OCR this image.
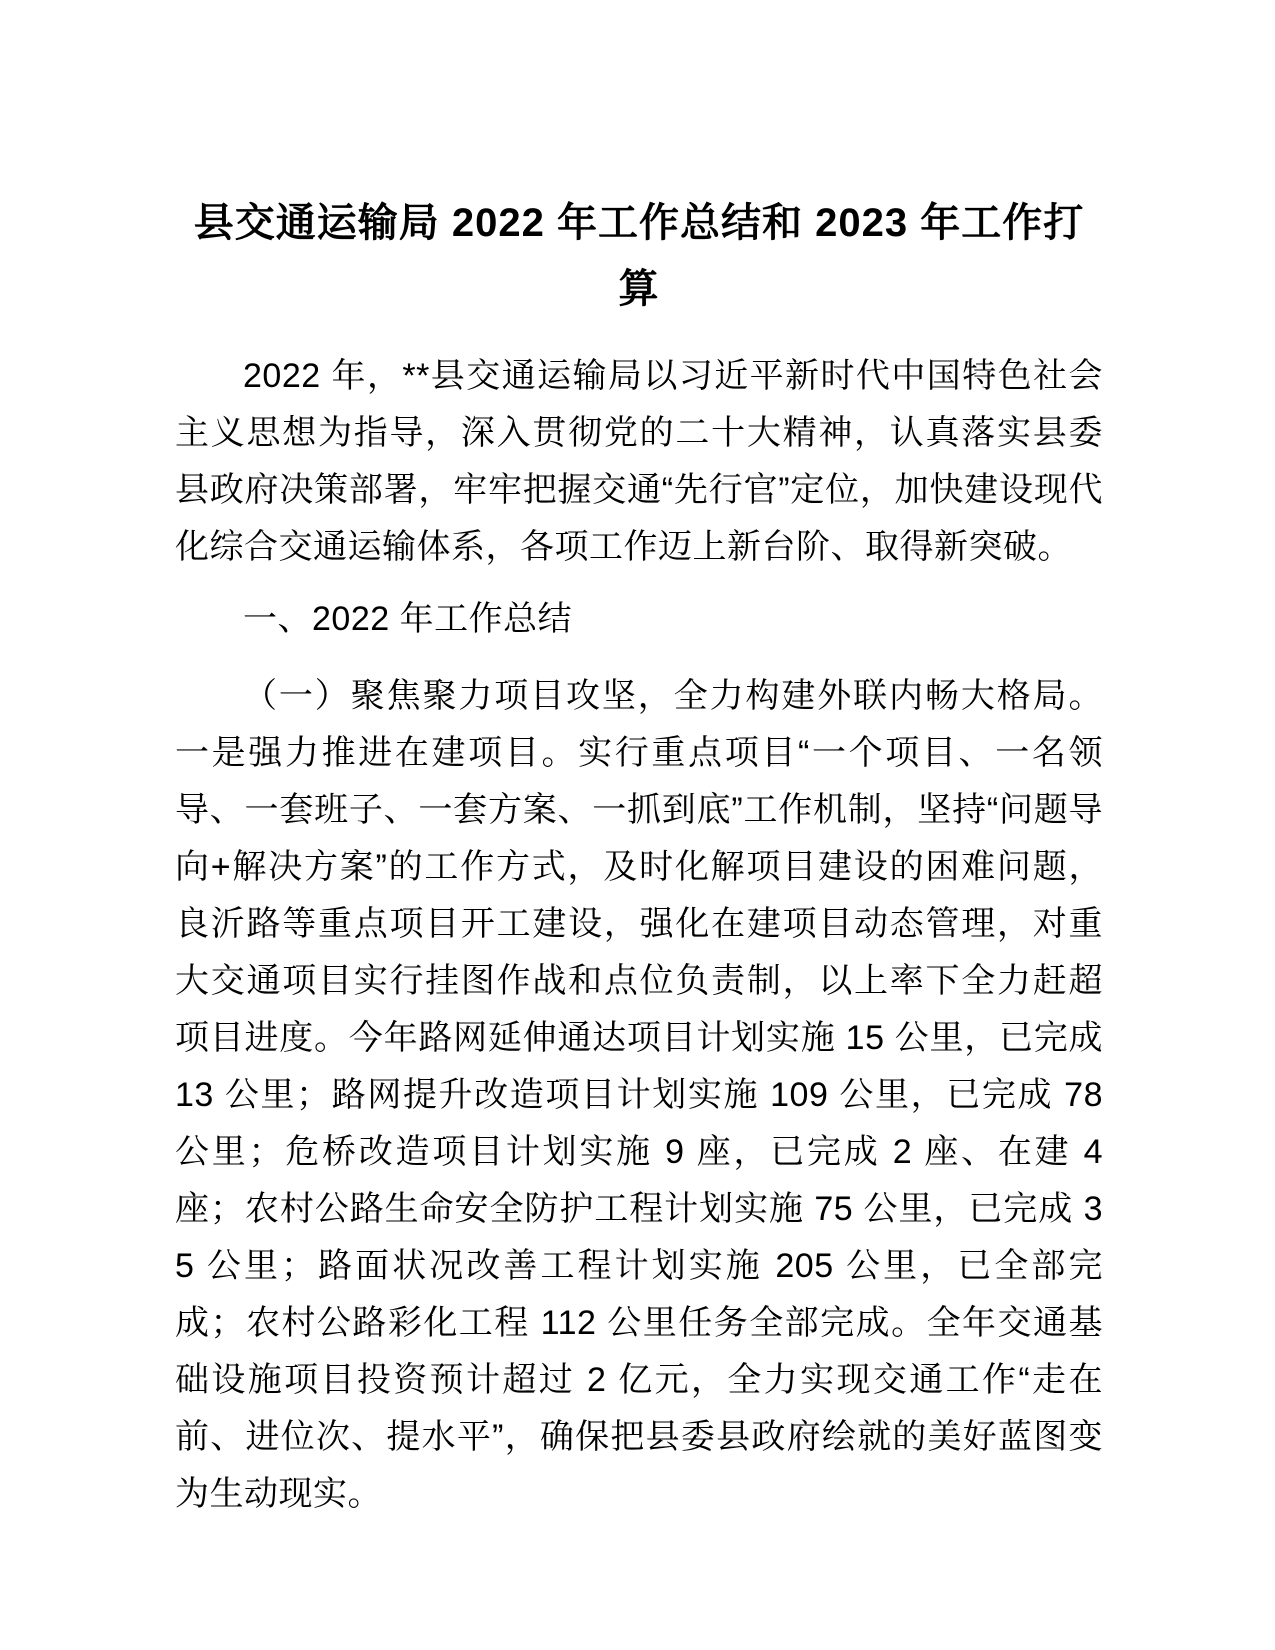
县交通运输局 2022 年工作总结和 2023 年工作打算

2022 年，**县交通运输局以习近平新时代中国特色社会主义思想为指导，深入贯彻党的二十大精神，认真落实县委县政府决策部署，牢牢把握交通“先行官”定位，加快建设现代化综合交通运输体系，各项工作迈上新台阶、取得新突破。

一、2022 年工作总结

（一）聚焦聚力项目攻坚，全力构建外联内畅大格局。一是强力推进在建项目。实行重点项目“一个项目、一名领导、一套班子、一套方案、一抓到底”工作机制，坚持“问题导向+解决方案”的工作方式，及时化解项目建设的困难问题，良沂路等重点项目开工建设，强化在建项目动态管理，对重大交通项目实行挂图作战和点位负责制，以上率下全力赶超项目进度。今年路网延伸通达项目计划实施 15 公里，已完成 13 公里；路网提升改造项目计划实施 109 公里，已完成 78 公里；危桥改造项目计划实施 9 座，已完成 2 座、在建 4 座；农村公路生命安全防护工程计划实施 75 公里，已完成 35 公里；路面状况改善工程计划实施 205 公里，已全部完成；农村公路彩化工程 112 公里任务全部完成。全年交通基础设施项目投资预计超过 2 亿元，全力实现交通工作“走在前、进位次、提水平”，确保把县委县政府绘就的美好蓝图变为生动现实。
